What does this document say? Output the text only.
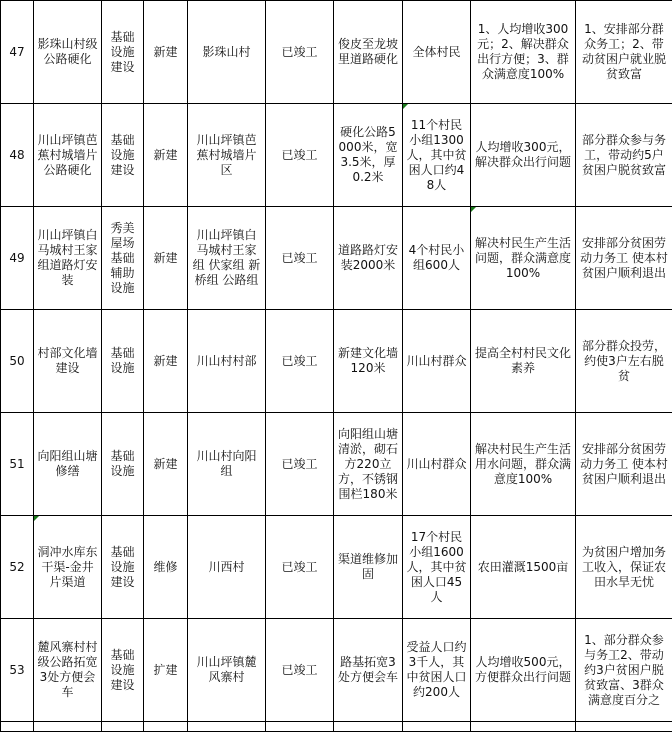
47	影珠山村级公路硬化	基础设施建设	新建	影珠山村	已竣工	俊皮至龙坡里道路硬化	全体村民	1、人均增收300元；2、解决群众出行方便；3、群众满意度100%	1、安排部分群众务工；2、带动贫困户就业脱贫致富
48	川山坪镇芭蕉村城墙片公路硬化	基础设施建设	新建	川山坪镇芭蕉村城墙片区	已竣工	硬化公路5000米，宽3.5米，厚0.2米	11个村民小组1300人，其中贫困人口约48人	人均增收300元，解决群众出行问题	部分群众参与务工，带动约5户贫困户脱贫致富
49	川山坪镇白马城村王家组道路灯安装	秀美屋场基础辅助设施	新建	川山坪镇白马城村王家组 伏家组 新桥组 公路组	已竣工	道路路灯安装2000米	4个村民小组600人	解决村民生产生活问题，群众满意度100%	安排部分贫困劳动力务工 使本村贫困户顺利退出
50	村部文化墙建设	基础设施	新建	川山村村部	已竣工	新建文化墙120米	川山村群众	提高全村村民文化素养	部分群众投劳，约使3户左右脱贫
51	向阳组山塘修缮	基础设施	新建	川山村向阳组	已竣工	向阳组山塘清淤，砌石方220立方，不锈钢围栏180米	川山村群众	解决村民生产生活用水问题，群众满意度100%	安排部分贫困劳动力务工 使本村贫困户顺利退出
52	洞冲水库东干渠-金井片渠道	基础设施建设	维修	川西村	已竣工	渠道维修加固	17个村民小组1600人，其中贫困人口45人	农田灌溉1500亩	为贫困户增加务工收入，保证农田水旱无忧
53	麓风寨村村级公路拓宽3处方便会车	基础设施建设	扩建	川山坪镇麓风寨村	已竣工	路基拓宽3处方便会车	受益人口约3千人，其中贫困人口约200人	人均增收500元，方便群众出行问题	1、部分群众参与务工2、带动约3户贫困户脱贫致富、3群众满意度百分之
